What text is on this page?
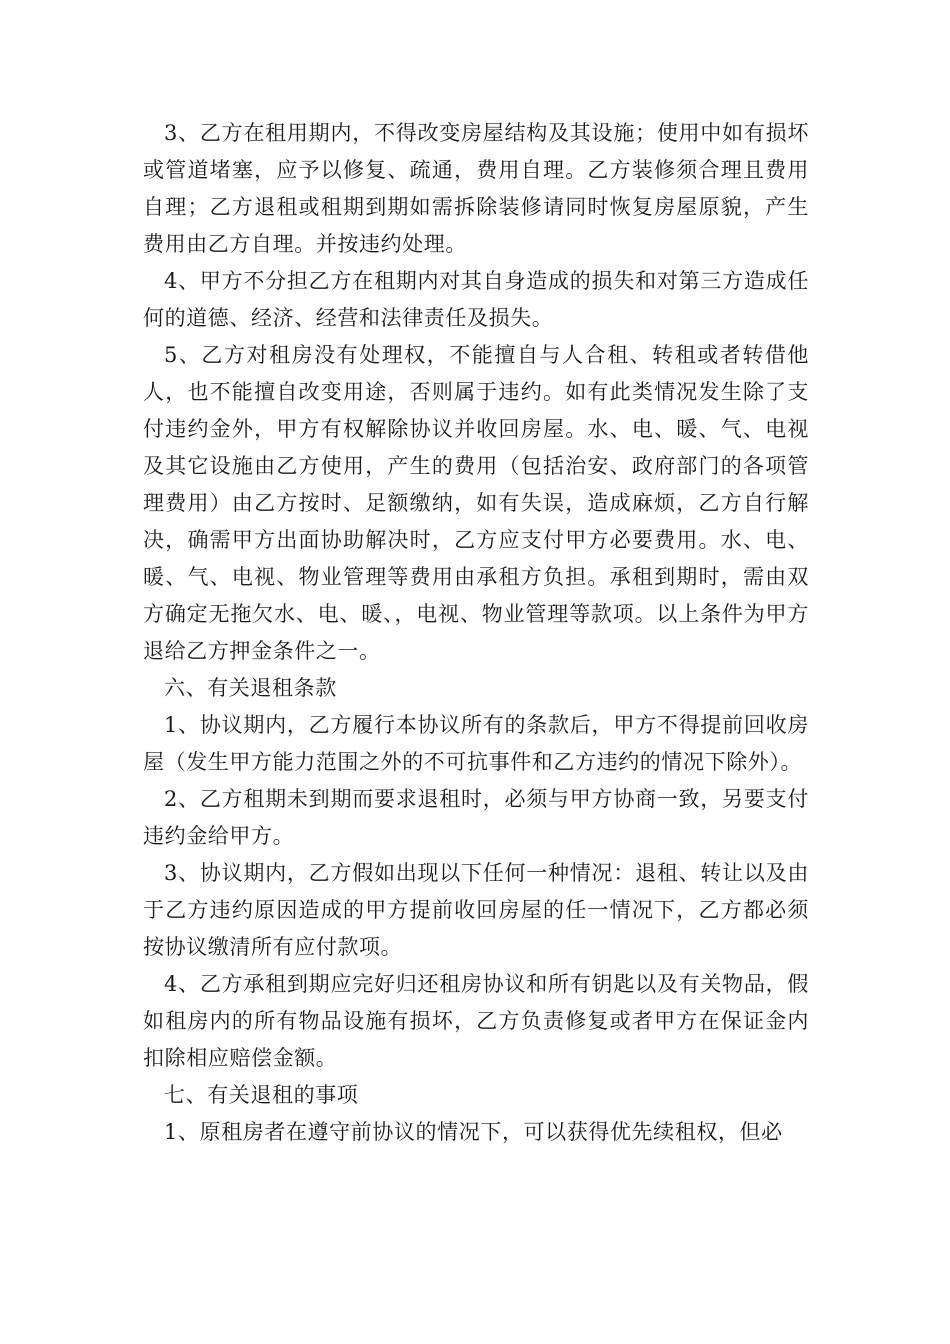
3、乙方在租用期内，不得改变房屋结构及其设施；使用中如有损坏或管道堵塞，应予以修复、疏通，费用自理。乙方装修须合理且费用自理；乙方退租或租期到期如需拆除装修请同时恢复房屋原貌，产生费用由乙方自理。并按违约处理。

4、甲方不分担乙方在租期内对其自身造成的损失和对第三方造成任何的道德、经济、经营和法律责任及损失。

5、乙方对租房没有处理权，不能擅自与人合租、转租或者转借他人，也不能擅自改变用途，否则属于违约。如有此类情况发生除了支付违约金外，甲方有权解除协议并收回房屋。水、电、暖、气、电视及其它设施由乙方使用，产生的费用（包括治安、政府部门的各项管理费用）由乙方按时、足额缴纳，如有失误，造成麻烦，乙方自行解决，确需甲方出面协助解决时，乙方应支付甲方必要费用。水、电、暖、气、电视、物业管理等费用由承租方负担。承租到期时，需由双方确定无拖欠水、电、暖、，电视、物业管理等款项。以上条件为甲方退给乙方押金条件之一。

六、有关退租条款

1、协议期内，乙方履行本协议所有的条款后，甲方不得提前回收房屋（发生甲方能力范围之外的不可抗事件和乙方违约的情况下除外）。

2、乙方租期未到期而要求退租时，必须与甲方协商一致，另要支付违约金给甲方。

3、协议期内，乙方假如出现以下任何一种情况：退租、转让以及由于乙方违约原因造成的甲方提前收回房屋的任一情况下，乙方都必须按协议缴清所有应付款项。

4、乙方承租到期应完好归还租房协议和所有钥匙以及有关物品，假如租房内的所有物品设施有损坏，乙方负责修复或者甲方在保证金内扣除相应赔偿金额。

七、有关退租的事项

1、原租房者在遵守前协议的情况下，可以获得优先续租权，但必
